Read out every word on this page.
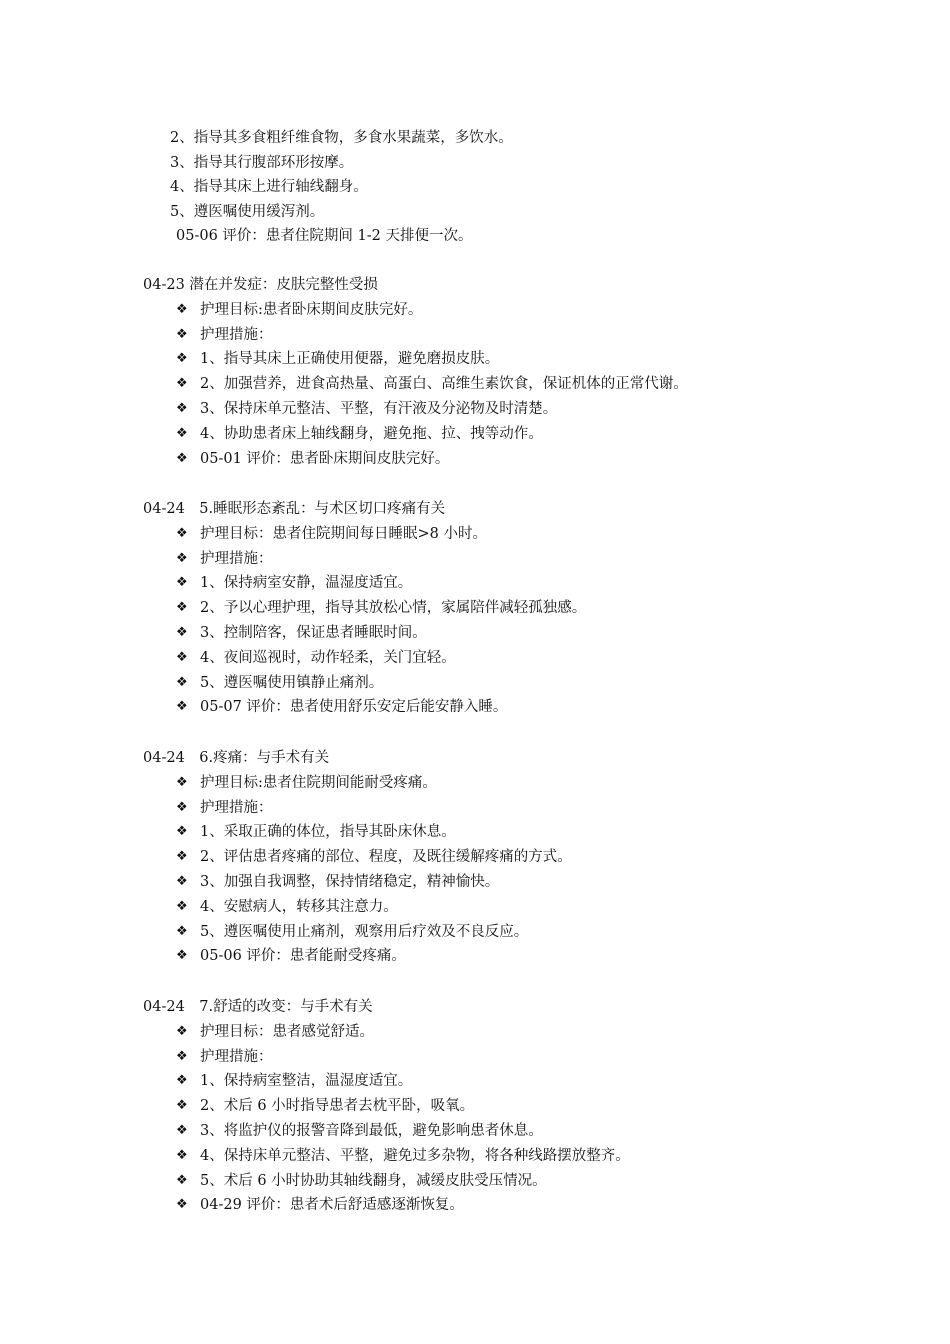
2、指导其多食粗纤维食物，多食水果蔬菜，多饮水。
3、指导其行腹部环形按摩。
4、指导其床上进行轴线翻身。
5、遵医嘱使用缓泻剂。
05-06 评价：患者住院期间 1-2 天排便一次。
04-23 潜在并发症：皮肤完整性受损
❖ 护理目标:患者卧床期间皮肤完好。
❖ 护理措施：
❖ 1、指导其床上正确使用便器，避免磨损皮肤。
❖ 2、加强营养，进食高热量、高蛋白、高维生素饮食，保证机体的正常代谢。
❖ 3、保持床单元整洁、平整，有汗液及分泌物及时清楚。
❖ 4、协助患者床上轴线翻身，避免拖、拉、拽等动作。
❖ 05-01 评价：患者卧床期间皮肤完好。
04-24　5.睡眠形态紊乱：与术区切口疼痛有关
❖ 护理目标：患者住院期间每日睡眠>8 小时。
❖ 护理措施：
❖ 1、保持病室安静，温湿度适宜。
❖ 2、予以心理护理，指导其放松心情，家属陪伴减轻孤独感。
❖ 3、控制陪客，保证患者睡眠时间。
❖ 4、夜间巡视时，动作轻柔，关门宜轻。
❖ 5、遵医嘱使用镇静止痛剂。
❖ 05-07 评价：患者使用舒乐安定后能安静入睡。
04-24　6.疼痛：与手术有关
❖ 护理目标:患者住院期间能耐受疼痛。
❖ 护理措施：
❖ 1、采取正确的体位，指导其卧床休息。
❖ 2、评估患者疼痛的部位、程度，及既往缓解疼痛的方式。
❖ 3、加强自我调整，保持情绪稳定，精神愉快。
❖ 4、安慰病人，转移其注意力。
❖ 5、遵医嘱使用止痛剂，观察用后疗效及不良反应。
❖ 05-06 评价：患者能耐受疼痛。
04-24　7.舒适的改变：与手术有关
❖ 护理目标：患者感觉舒适。
❖ 护理措施：
❖ 1、保持病室整洁，温湿度适宜。
❖ 2、术后 6 小时指导患者去枕平卧，吸氧。
❖ 3、将监护仪的报警音降到最低，避免影响患者休息。
❖ 4、保持床单元整洁、平整，避免过多杂物，将各种线路摆放整齐。
❖ 5、术后 6 小时协助其轴线翻身，减缓皮肤受压情况。
❖ 04-29 评价：患者术后舒适感逐渐恢复。
